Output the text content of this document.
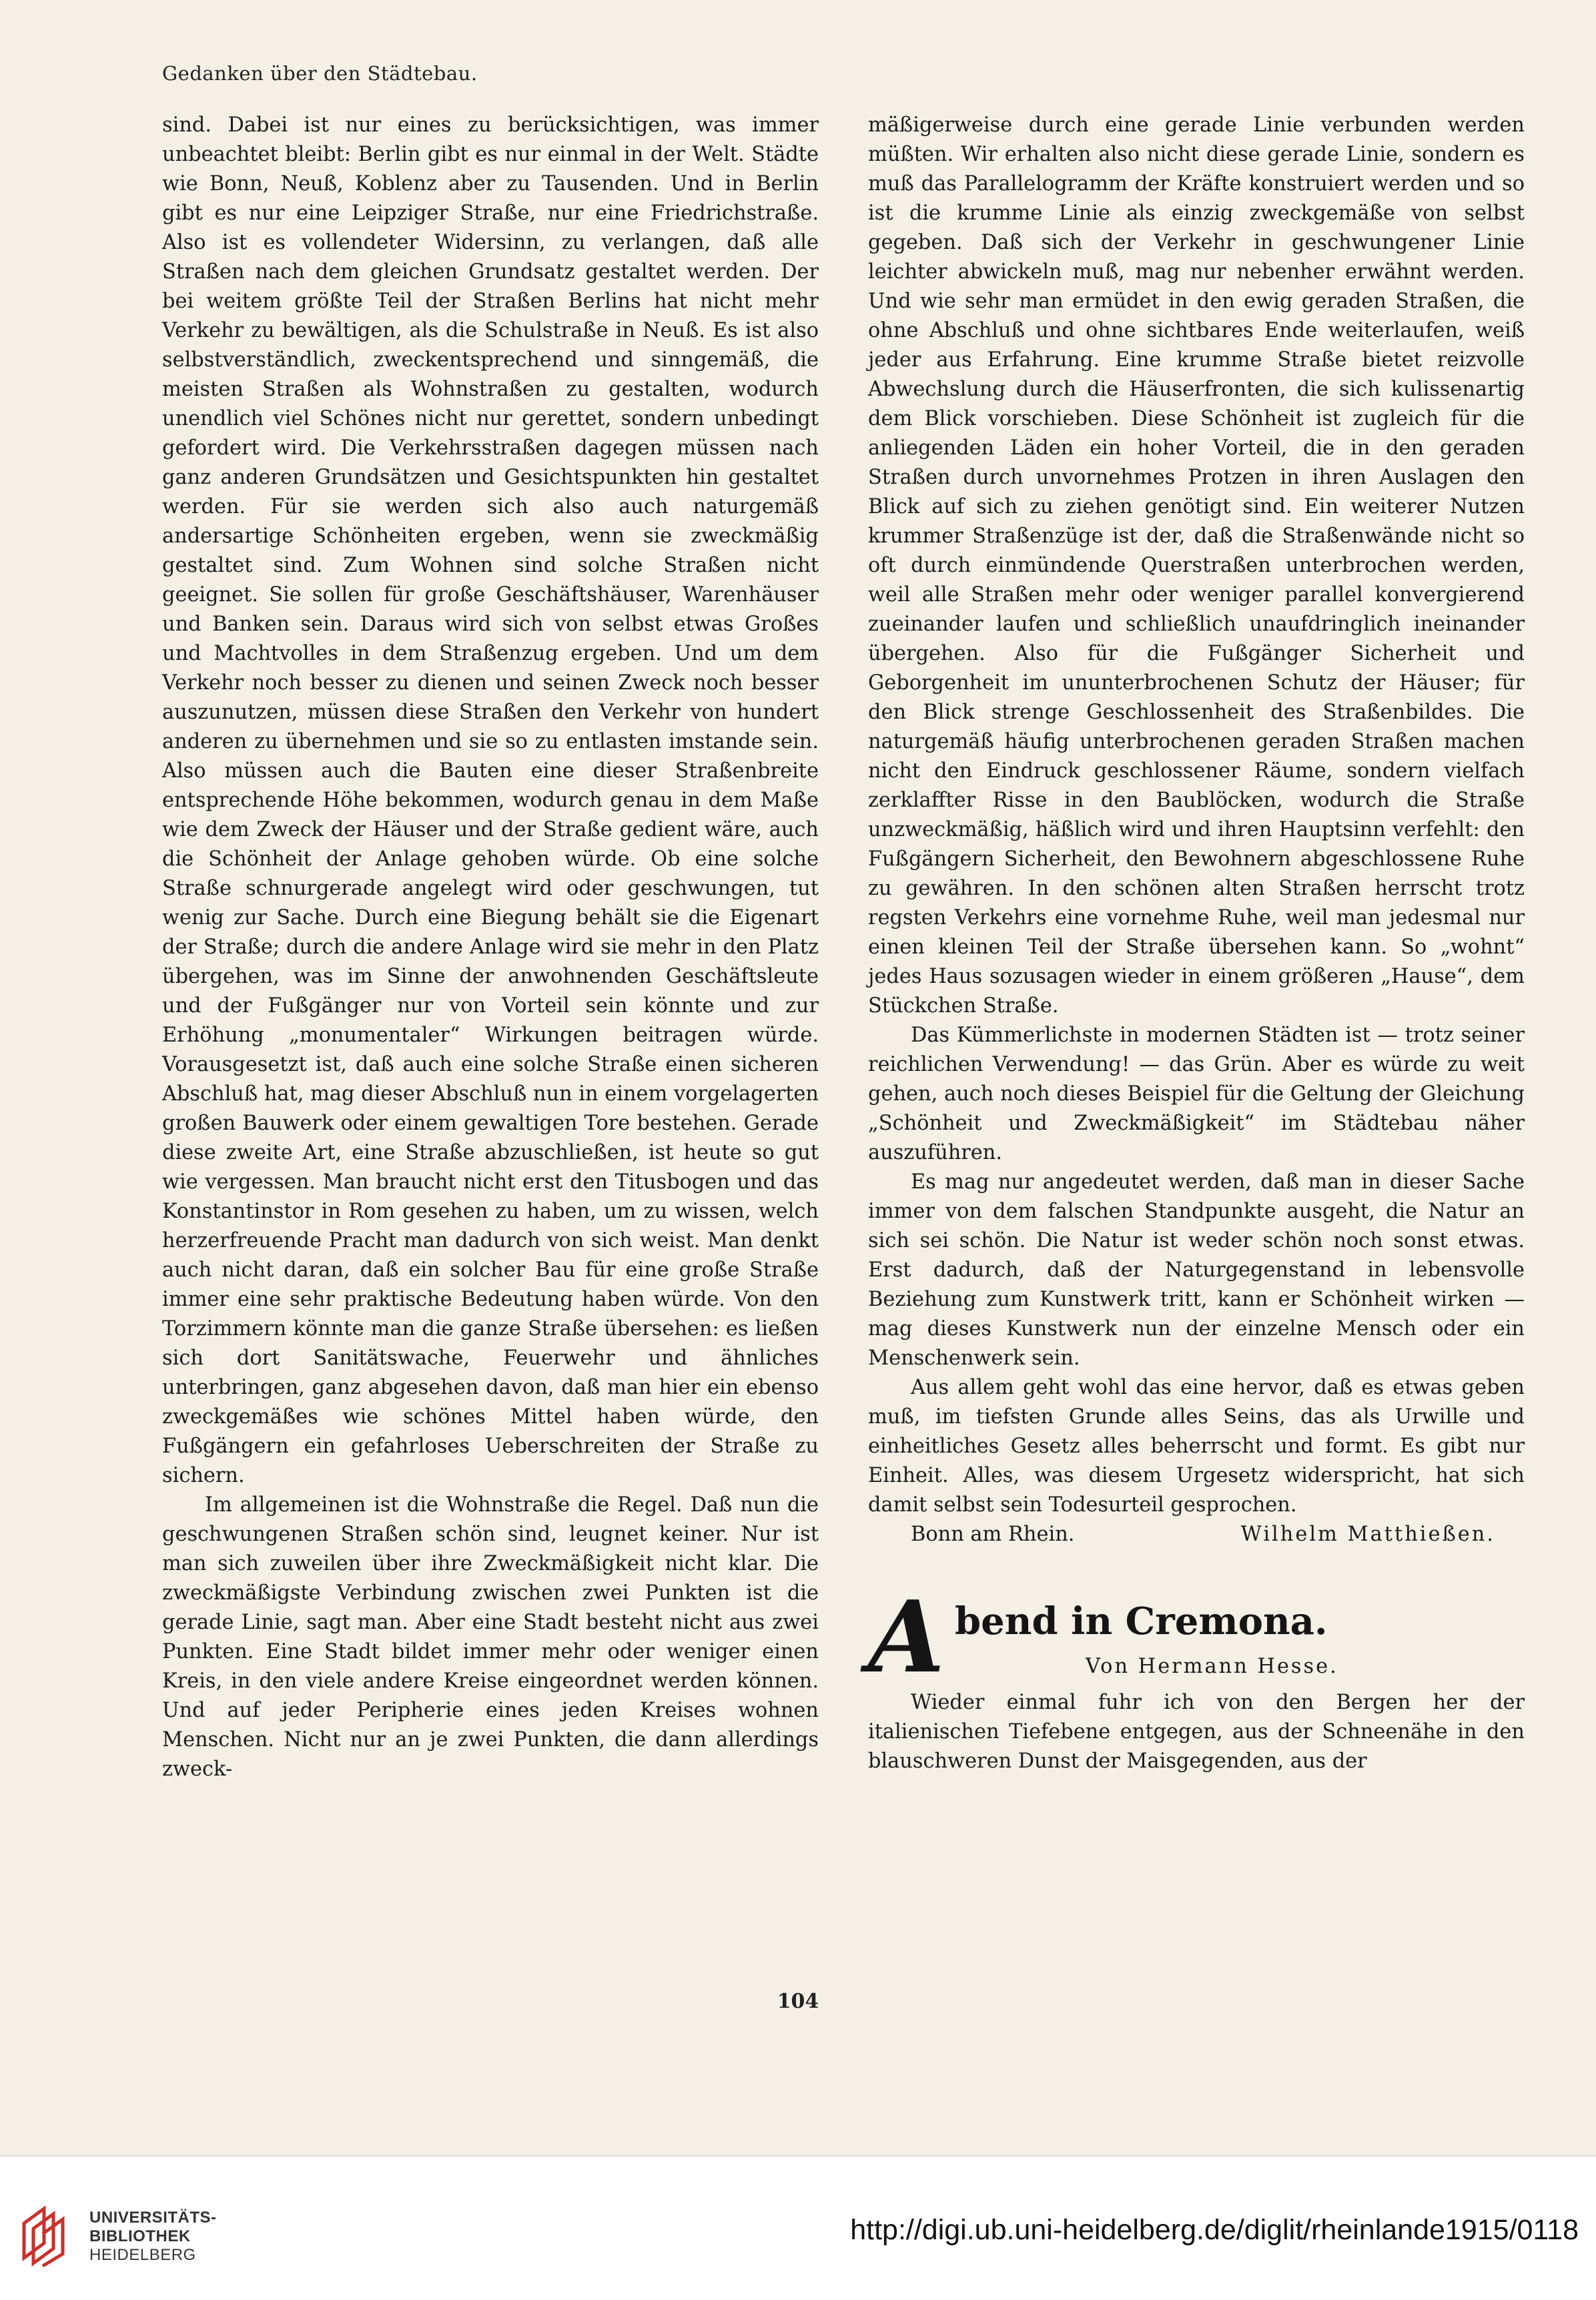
Gedanken über den Städtebau.

sind. Dabei ist nur eines zu berücksichtigen, was immer unbeachtet bleibt: Berlin gibt es nur einmal in der Welt. Städte wie Bonn, Neuß, Koblenz aber zu Tausenden. Und in Berlin gibt es nur eine Leipziger Straße, nur eine Friedrichstraße. Also ist es vollendeter Widersinn, zu verlangen, daß alle Straßen nach dem gleichen Grundsatz gestaltet werden. Der bei weitem größte Teil der Straßen Berlins hat nicht mehr Verkehr zu bewältigen, als die Schulstraße in Neuß. Es ist also selbstverständlich, zweckentsprechend und sinngemäß, die meisten Straßen als Wohnstraßen zu gestalten, wodurch unendlich viel Schönes nicht nur gerettet, sondern unbedingt gefordert wird. Die Verkehrsstraßen dagegen müssen nach ganz anderen Grundsätzen und Gesichtspunkten hin gestaltet werden. Für sie werden sich also auch naturgemäß andersartige Schönheiten ergeben, wenn sie zweckmäßig gestaltet sind. Zum Wohnen sind solche Straßen nicht geeignet. Sie sollen für große Geschäftshäuser, Warenhäuser und Banken sein. Daraus wird sich von selbst etwas Großes und Machtvolles in dem Straßenzug ergeben. Und um dem Verkehr noch besser zu dienen und seinen Zweck noch besser auszunutzen, müssen diese Straßen den Verkehr von hundert anderen zu übernehmen und sie so zu entlasten imstande sein. Also müssen auch die Bauten eine dieser Straßenbreite entsprechende Höhe bekommen, wodurch genau in dem Maße wie dem Zweck der Häuser und der Straße gedient wäre, auch die Schönheit der Anlage gehoben würde. Ob eine solche Straße schnurgerade angelegt wird oder geschwungen, tut wenig zur Sache. Durch eine Biegung behält sie die Eigenart der Straße; durch die andere Anlage wird sie mehr in den Platz übergehen, was im Sinne der anwohnenden Geschäftsleute und der Fußgänger nur von Vorteil sein könnte und zur Erhöhung „monumentaler“ Wirkungen beitragen würde. Vorausgesetzt ist, daß auch eine solche Straße einen sicheren Abschluß hat, mag dieser Abschluß nun in einem vorgelagerten großen Bauwerk oder einem gewaltigen Tore bestehen. Gerade diese zweite Art, eine Straße abzuschließen, ist heute so gut wie vergessen. Man braucht nicht erst den Titusbogen und das Konstantinstor in Rom gesehen zu haben, um zu wissen, welch herzerfreuende Pracht man dadurch von sich weist. Man denkt auch nicht daran, daß ein solcher Bau für eine große Straße immer eine sehr praktische Bedeutung haben würde. Von den Torzimmern könnte man die ganze Straße übersehen: es ließen sich dort Sanitätswache, Feuerwehr und ähnliches unterbringen, ganz abgesehen davon, daß man hier ein ebenso zweckgemäßes wie schönes Mittel haben würde, den Fußgängern ein gefahrloses Ueberschreiten der Straße zu sichern.

Im allgemeinen ist die Wohnstraße die Regel. Daß nun die geschwungenen Straßen schön sind, leugnet keiner. Nur ist man sich zuweilen über ihre Zweckmäßigkeit nicht klar. Die zweckmäßigste Verbindung zwischen zwei Punkten ist die gerade Linie, sagt man. Aber eine Stadt besteht nicht aus zwei Punkten. Eine Stadt bildet immer mehr oder weniger einen Kreis, in den viele andere Kreise eingeordnet werden können. Und auf jeder Peripherie eines jeden Kreises wohnen Menschen. Nicht nur an je zwei Punkten, die dann allerdings zweck-

mäßigerweise durch eine gerade Linie verbunden werden müßten. Wir erhalten also nicht diese gerade Linie, sondern es muß das Parallelogramm der Kräfte konstruiert werden und so ist die krumme Linie als einzig zweckgemäße von selbst gegeben. Daß sich der Verkehr in geschwungener Linie leichter abwickeln muß, mag nur nebenher erwähnt werden. Und wie sehr man ermüdet in den ewig geraden Straßen, die ohne Abschluß und ohne sichtbares Ende weiterlaufen, weiß jeder aus Erfahrung. Eine krumme Straße bietet reizvolle Abwechslung durch die Häuserfronten, die sich kulissenartig dem Blick vorschieben. Diese Schönheit ist zugleich für die anliegenden Läden ein hoher Vorteil, die in den geraden Straßen durch unvornehmes Protzen in ihren Auslagen den Blick auf sich zu ziehen genötigt sind. Ein weiterer Nutzen krummer Straßenzüge ist der, daß die Straßenwände nicht so oft durch einmündende Querstraßen unterbrochen werden, weil alle Straßen mehr oder weniger parallel konvergierend zueinander laufen und schließlich unaufdringlich ineinander übergehen. Also für die Fußgänger Sicherheit und Geborgenheit im ununterbrochenen Schutz der Häuser; für den Blick strenge Geschlossenheit des Straßenbildes. Die naturgemäß häufig unterbrochenen geraden Straßen machen nicht den Eindruck geschlossener Räume, sondern vielfach zerklaffter Risse in den Baublöcken, wodurch die Straße unzweckmäßig, häßlich wird und ihren Hauptsinn verfehlt: den Fußgängern Sicherheit, den Bewohnern abgeschlossene Ruhe zu gewähren. In den schönen alten Straßen herrscht trotz regsten Verkehrs eine vornehme Ruhe, weil man jedesmal nur einen kleinen Teil der Straße übersehen kann. So „wohnt“ jedes Haus sozusagen wieder in einem größeren „Hause“, dem Stückchen Straße.

Das Kümmerlichste in modernen Städten ist — trotz seiner reichlichen Verwendung! — das Grün. Aber es würde zu weit gehen, auch noch dieses Beispiel für die Geltung der Gleichung „Schönheit und Zweckmäßigkeit“ im Städtebau näher auszuführen.

Es mag nur angedeutet werden, daß man in dieser Sache immer von dem falschen Standpunkte ausgeht, die Natur an sich sei schön. Die Natur ist weder schön noch sonst etwas. Erst dadurch, daß der Naturgegenstand in lebensvolle Beziehung zum Kunstwerk tritt, kann er Schönheit wirken — mag dieses Kunstwerk nun der einzelne Mensch oder ein Menschenwerk sein.

Aus allem geht wohl das eine hervor, daß es etwas geben muß, im tiefsten Grunde alles Seins, das als Urwille und einheitliches Gesetz alles beherrscht und formt. Es gibt nur Einheit. Alles, was diesem Urgesetz widerspricht, hat sich damit selbst sein Todesurteil gesprochen.

Bonn am Rhein.	Wilhelm Matthießen.
A bend in Cremona.
Von Hermann Hesse.

Wieder einmal fuhr ich von den Bergen her der italienischen Tiefebene entgegen, aus der Schneenähe in den blauschweren Dunst der Maisgegenden, aus der

104
UNIVERSITÄTS-
BIBLIOTHEK
HEIDELBERG
http://digi.ub.uni-heidelberg.de/diglit/rheinlande1915/0118
